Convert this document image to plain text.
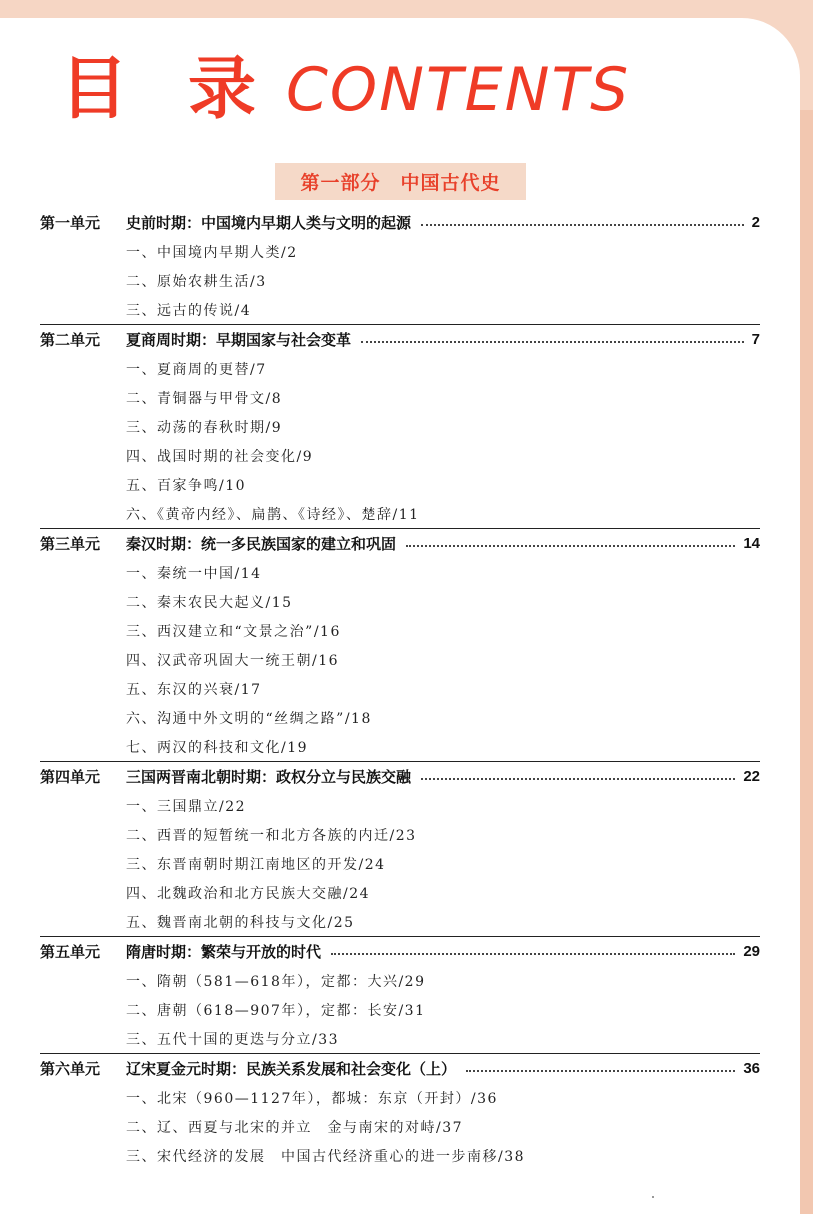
目录
CONTENTS
第一部分　中国古代史
第一单元	史前时期：中国境内早期人类与文明的起源	2
一、中国境内早期人类/2
二、原始农耕生活/3
三、远古的传说/4
第二单元	夏商周时期：早期国家与社会变革	7
一、夏商周的更替/7
二、青铜器与甲骨文/8
三、动荡的春秋时期/9
四、战国时期的社会变化/9
五、百家争鸣/10
六、《黄帝内经》、扁鹊、《诗经》、楚辞/11
第三单元	秦汉时期：统一多民族国家的建立和巩固	14
一、秦统一中国/14
二、秦末农民大起义/15
三、西汉建立和“文景之治”/16
四、汉武帝巩固大一统王朝/16
五、东汉的兴衰/17
六、沟通中外文明的“丝绸之路”/18
七、两汉的科技和文化/19
第四单元	三国两晋南北朝时期：政权分立与民族交融	22
一、三国鼎立/22
二、西晋的短暂统一和北方各族的内迁/23
三、东晋南朝时期江南地区的开发/24
四、北魏政治和北方民族大交融/24
五、魏晋南北朝的科技与文化/25
第五单元	隋唐时期：繁荣与开放的时代	29
一、隋朝（581—618年），定都：大兴/29
二、唐朝（618—907年），定都：长安/31
三、五代十国的更迭与分立/33
第六单元	辽宋夏金元时期：民族关系发展和社会变化（上）	36
一、北宋（960—1127年），都城：东京（开封）/36
二、辽、西夏与北宋的并立　金与南宋的对峙/37
三、宋代经济的发展　中国古代经济重心的进一步南移/38
